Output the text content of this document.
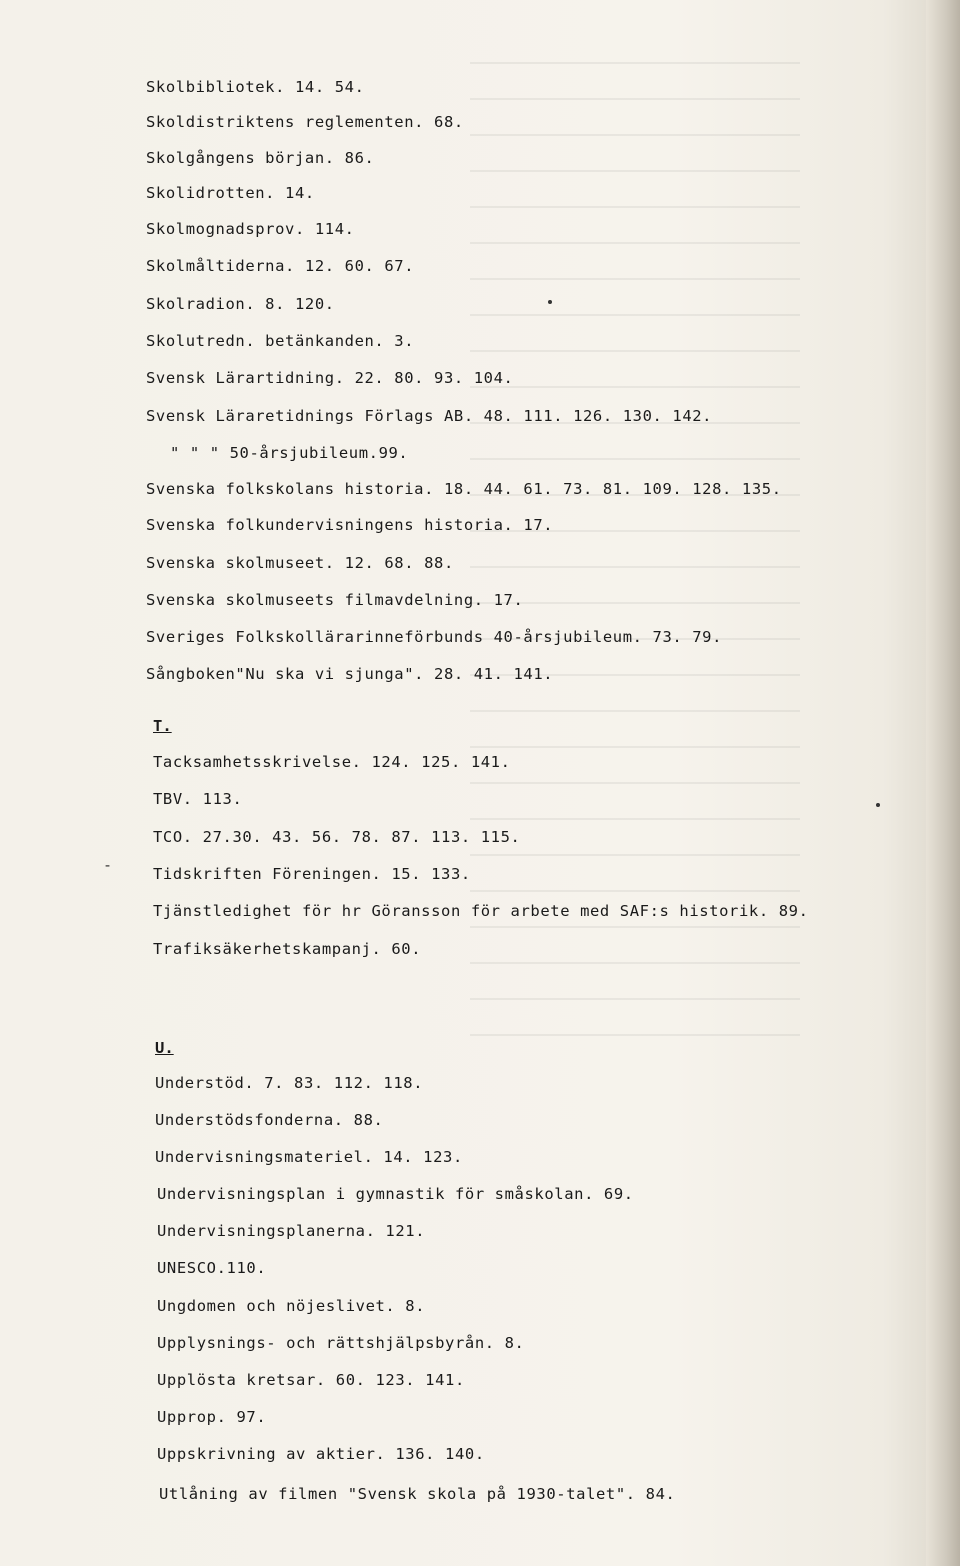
Skolbibliotek. 14. 54.
Skoldistriktens reglementen. 68.
Skolgångens början. 86.
Skolidrotten. 14.
Skolmognadsprov. 114.
Skolmåltiderna. 12. 60. 67.
Skolradion. 8. 120.
Skolutredn. betänkanden. 3.
Svensk Lärartidning. 22. 80. 93. 104.
Svensk Läraretidnings Förlags AB. 48. 111. 126. 130. 142.
" " " 50-årsjubileum.99.
Svenska folkskolans historia. 18. 44. 61. 73. 81. 109. 128. 135.
Svenska folkundervisningens historia. 17.
Svenska skolmuseet. 12. 68. 88.
Svenska skolmuseets filmavdelning. 17.
Sveriges Folkskollärarinneförbunds 40-årsjubileum. 73. 79.
Sångboken"Nu ska vi sjunga". 28. 41. 141.
T.
Tacksamhetsskrivelse. 124. 125. 141.
TBV. 113.
TCO. 27.30. 43. 56. 78. 87. 113. 115.
Tidskriften Föreningen. 15. 133.
Tjänstledighet för hr Göransson för arbete med SAF:s historik. 89.
Trafiksäkerhetskampanj. 60.
U.
Understöd. 7. 83. 112. 118.
Understödsfonderna. 88.
Undervisningsmateriel. 14. 123.
Undervisningsplan i gymnastik för småskolan. 69.
Undervisningsplanerna. 121.
UNESCO.110.
Ungdomen och nöjeslivet. 8.
Upplysnings- och rättshjälpsbyrån. 8.
Upplösta kretsar. 60. 123. 141.
Upprop. 97.
Uppskrivning av aktier. 136. 140.
Utlåning av filmen "Svensk skola på 1930-talet". 84.
-
